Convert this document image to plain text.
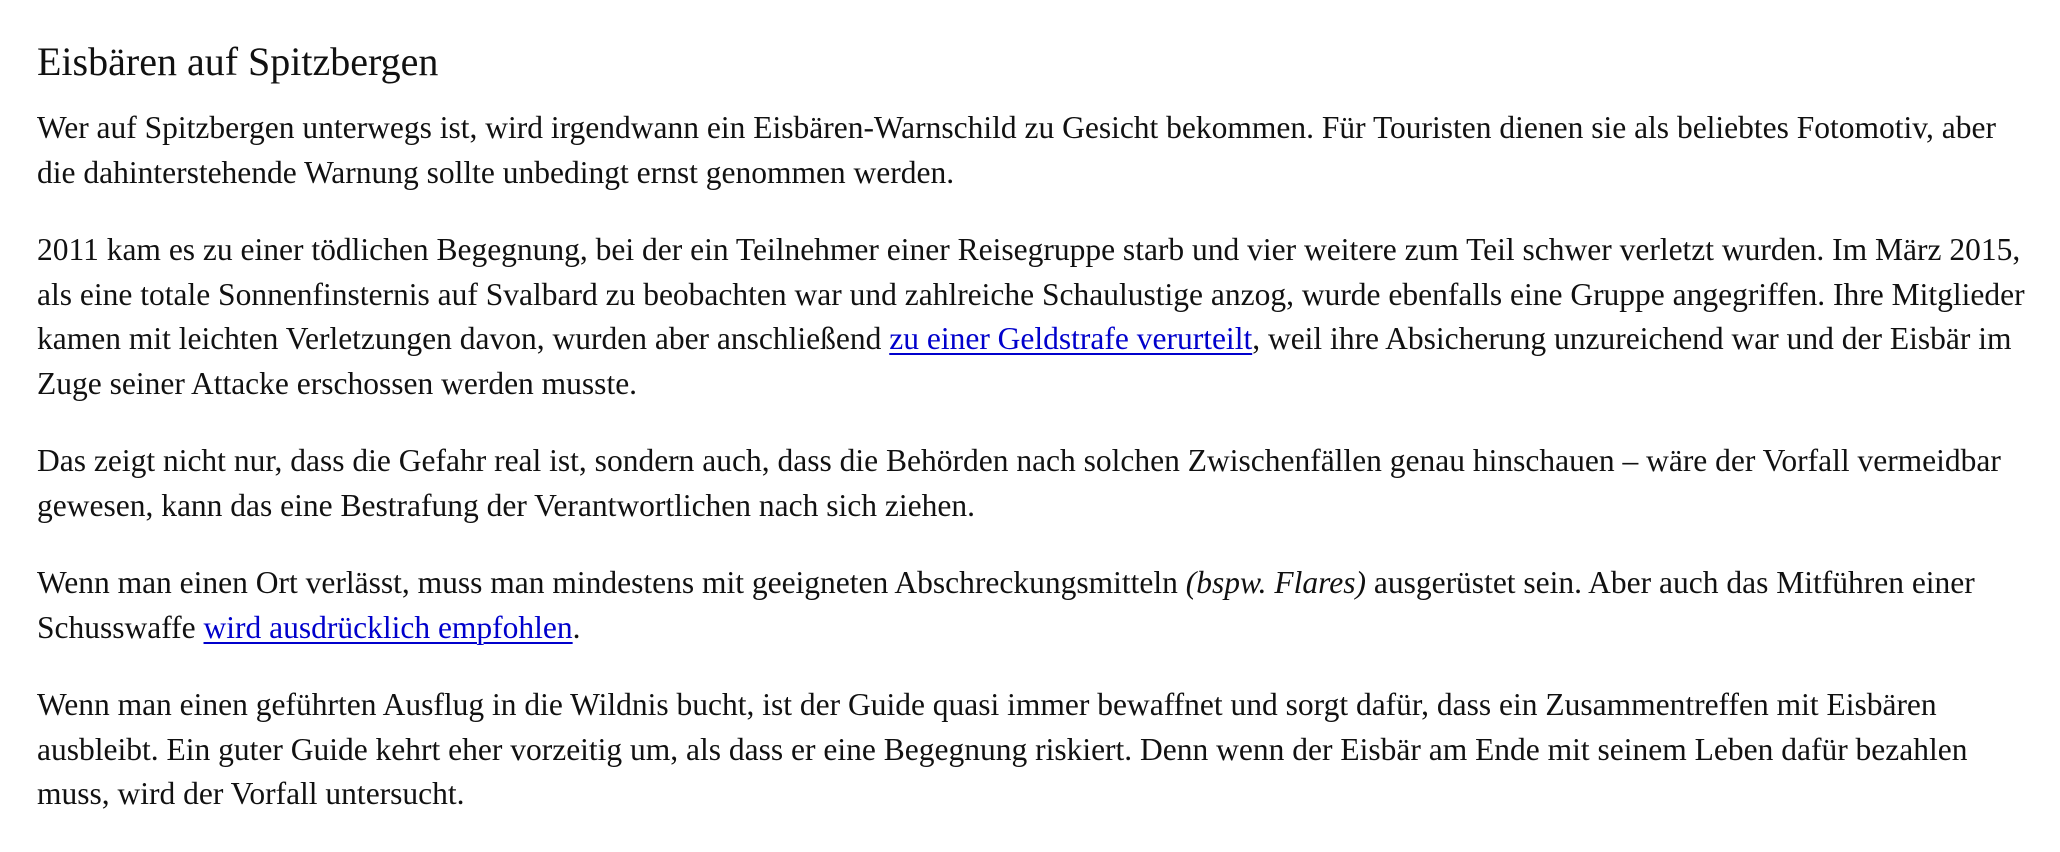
Eisbären auf Spitzbergen

Wer auf Spitzbergen unterwegs ist, wird irgendwann ein Eisbären-Warnschild zu Gesicht bekommen. Für Touristen dienen sie als beliebtes Fotomotiv, aber die dahinterstehende Warnung sollte unbedingt ernst genommen werden.

2011 kam es zu einer tödlichen Begegnung, bei der ein Teilnehmer einer Reisegruppe starb und vier weitere zum Teil schwer verletzt wurden. Im März 2015, als eine totale Sonnenfinsternis auf Svalbard zu beobachten war und zahlreiche Schaulustige anzog, wurde ebenfalls eine Gruppe angegriffen. Ihre Mitglieder kamen mit leichten Verletzungen davon, wurden aber anschließend zu einer Geldstrafe verurteilt, weil ihre Absicherung unzureichend war und der Eisbär im Zuge seiner Attacke erschossen werden musste.

Das zeigt nicht nur, dass die Gefahr real ist, sondern auch, dass die Behörden nach solchen Zwischenfällen genau hinschauen – wäre der Vorfall vermeidbar gewesen, kann das eine Bestrafung der Verantwortlichen nach sich ziehen.

Wenn man einen Ort verlässt, muss man mindestens mit geeigneten Abschreckungsmitteln (bspw. Flares) ausgerüstet sein. Aber auch das Mitführen einer Schusswaffe wird ausdrücklich empfohlen.

Wenn man einen geführten Ausflug in die Wildnis bucht, ist der Guide quasi immer bewaffnet und sorgt dafür, dass ein Zusammentreffen mit Eisbären ausbleibt. Ein guter Guide kehrt eher vorzeitig um, als dass er eine Begegnung riskiert. Denn wenn der Eisbär am Ende mit seinem Leben dafür bezahlen muss, wird der Vorfall untersucht.
